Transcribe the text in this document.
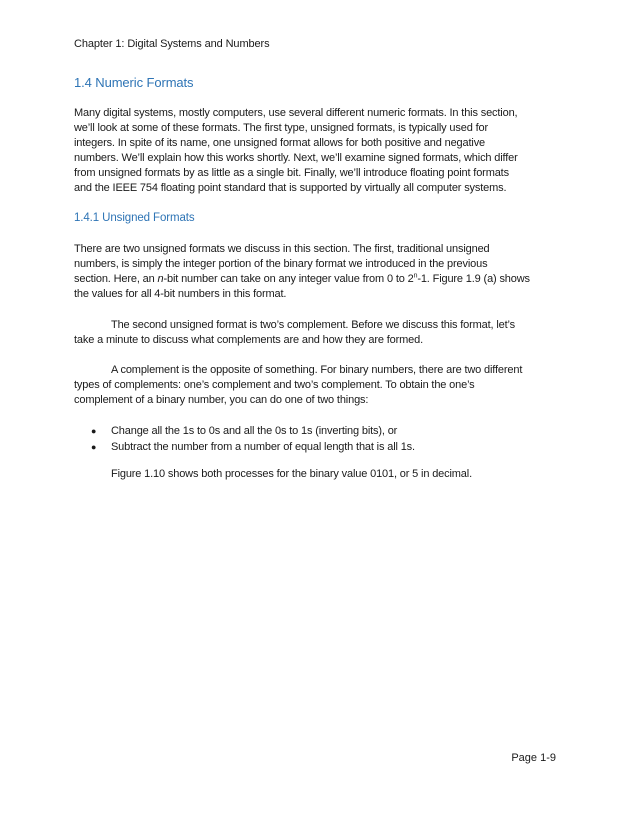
Chapter 1: Digital Systems and Numbers
1.4 Numeric Formats

Many digital systems, mostly computers, use several different numeric formats. In this section,
we’ll look at some of these formats. The first type, unsigned formats, is typically used for
integers. In spite of its name, one unsigned format allows for both positive and negative
numbers. We’ll explain how this works shortly. Next, we’ll examine signed formats, which differ
from unsigned formats by as little as a single bit. Finally, we’ll introduce floating point formats
and the IEEE 754 floating point standard that is supported by virtually all computer systems.

1.4.1 Unsigned Formats

There are two unsigned formats we discuss in this section. The first, traditional unsigned
numbers, is simply the integer portion of the binary format we introduced in the previous
section. Here, an n-bit number can take on any integer value from 0 to 2$^n$-1. Figure 1.9 (a) shows
the values for all 4-bit numbers in this format.

The second unsigned format is two’s complement. Before we discuss this format, let’s
take a minute to discuss what complements are and how they are formed.

A complement is the opposite of something. For binary numbers, there are two different
types of complements: one’s complement and two’s complement. To obtain the one’s
complement of a binary number, you can do one of two things:

● Change all the 1s to 0s and all the 0s to 1s (inverting bits), or
● Subtract the number from a number of equal length that is all 1s.
Figure 1.10 shows both processes for the binary value 0101, or 5 in decimal.
Page 1-9
